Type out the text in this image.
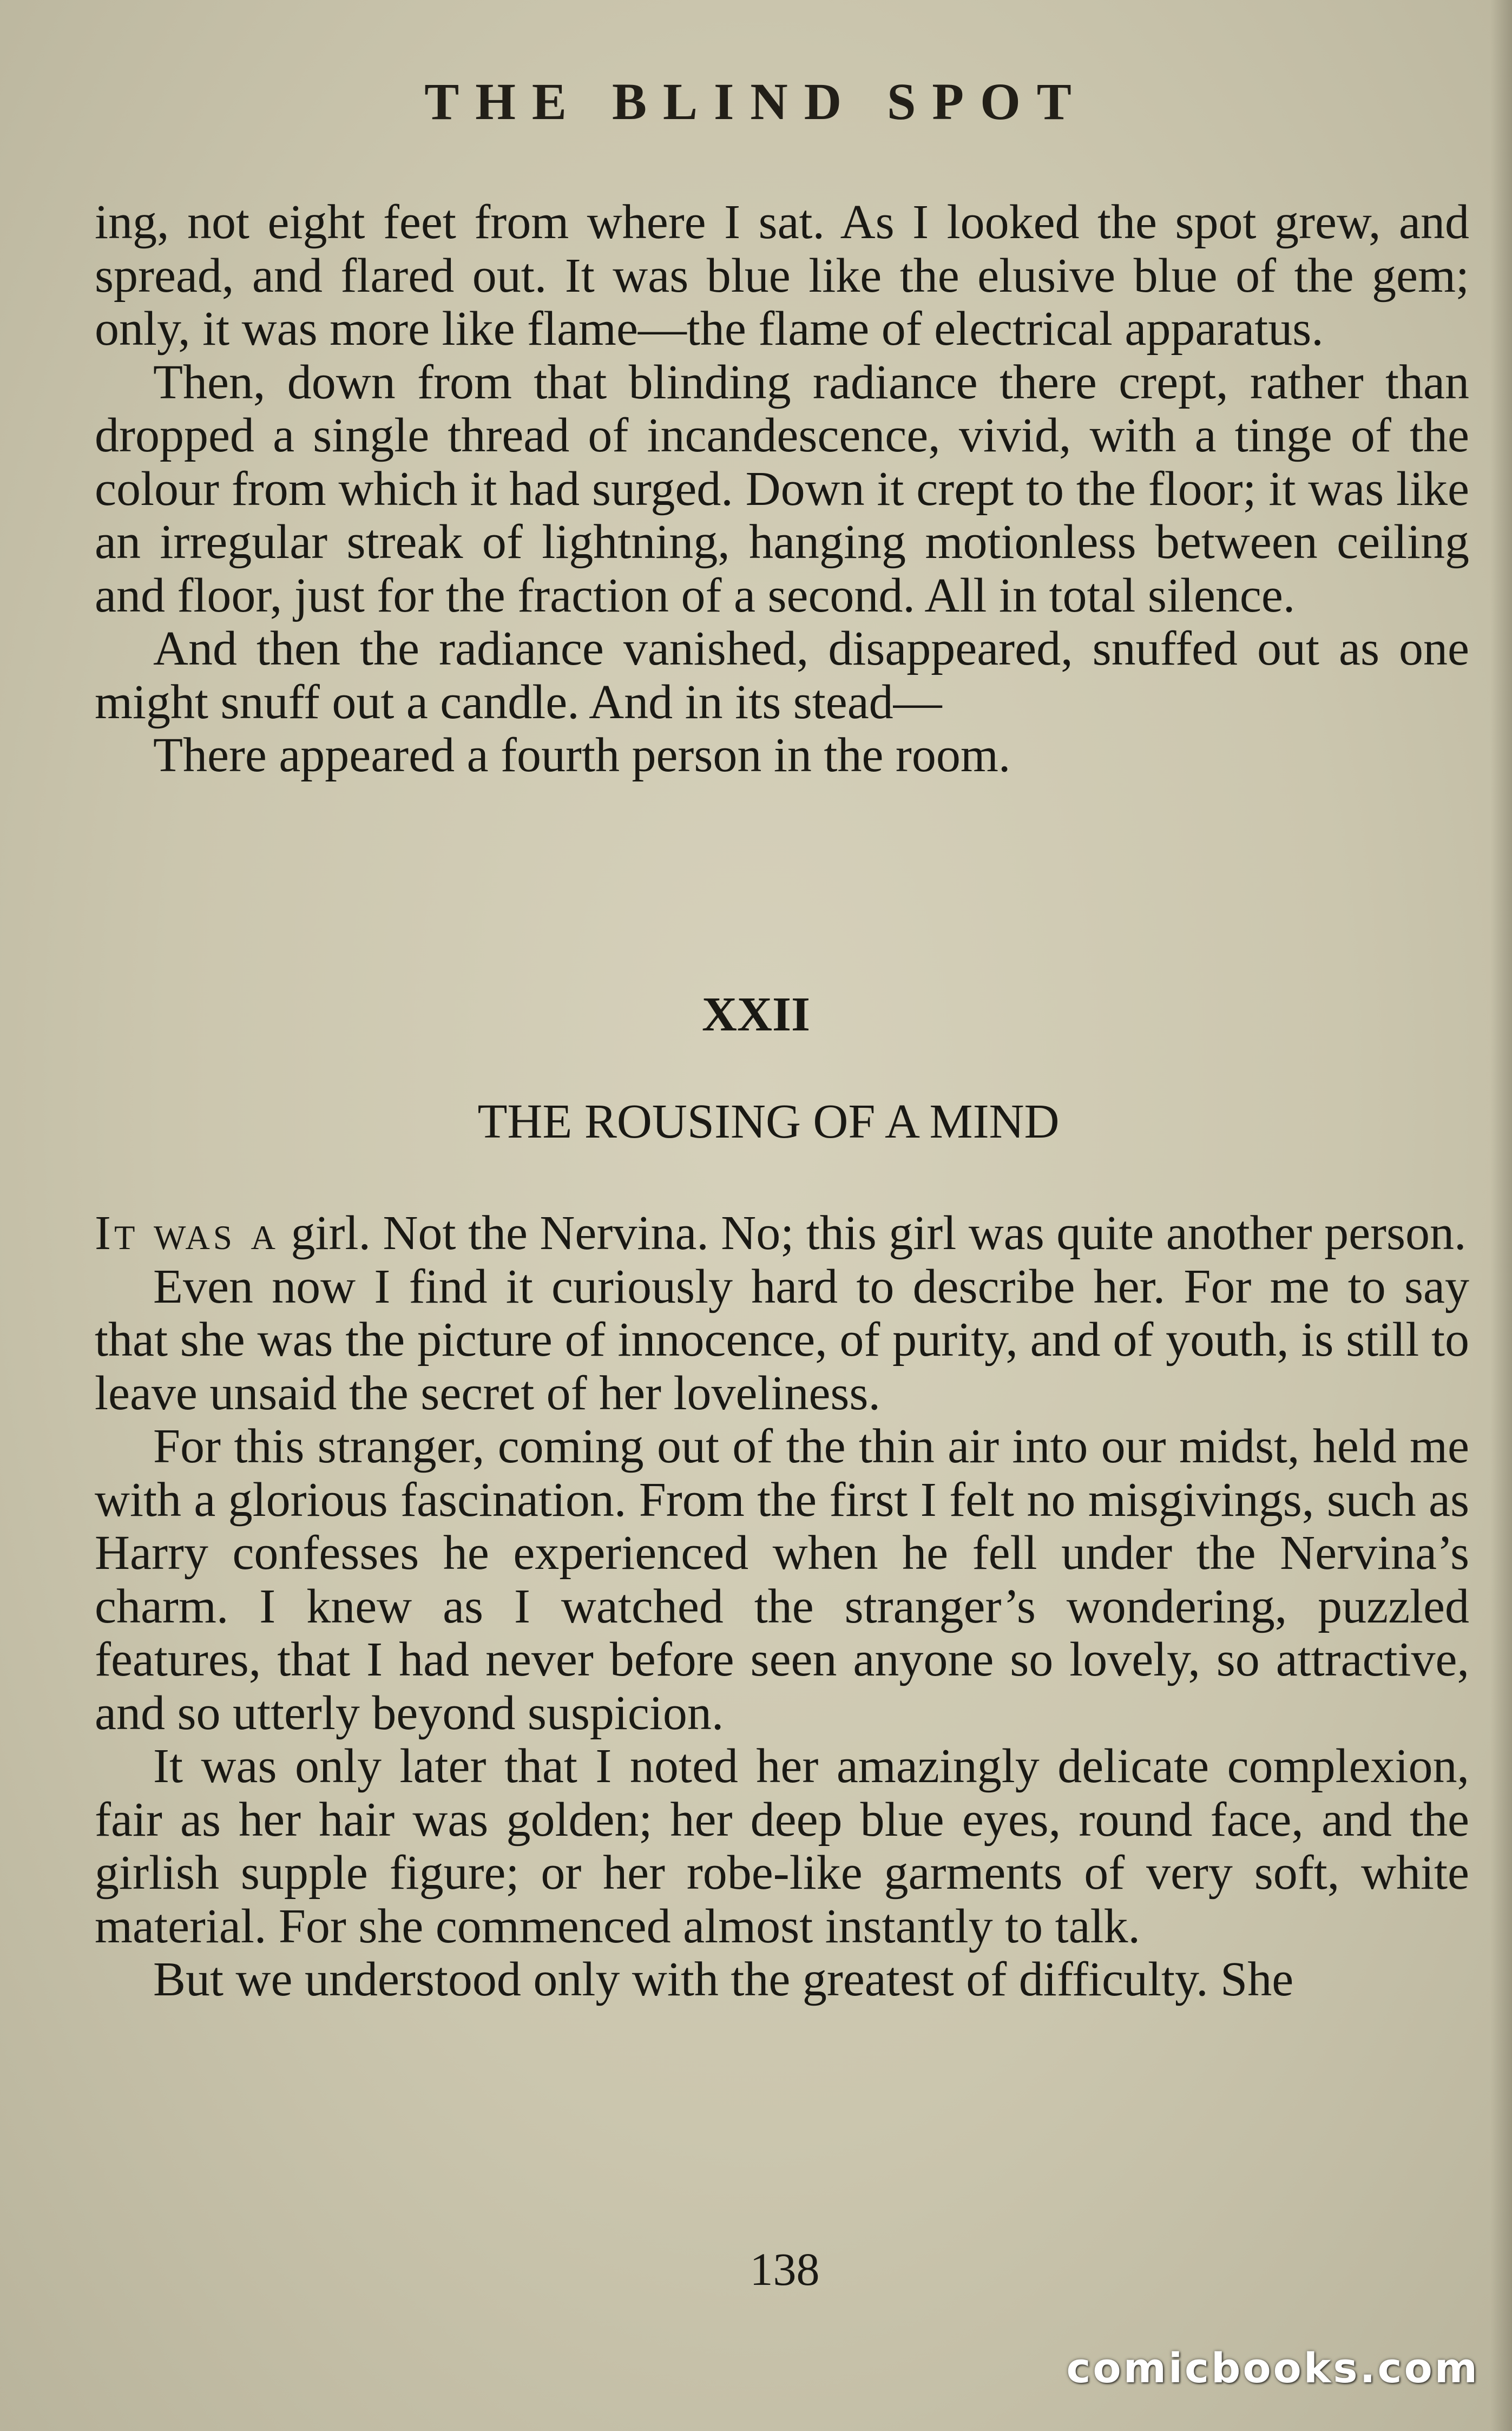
THE BLIND SPOT

ing, not eight feet from where I sat. As I looked the spot grew, and spread, and flared out. It was blue like the elusive blue of the gem; only, it was more like flame—the flame of electrical apparatus.

Then, down from that blinding radiance there crept, rather than dropped a single thread of incandescence, vivid, with a tinge of the colour from which it had surged. Down it crept to the floor; it was like an irregular streak of lightning, hanging motionless between ceiling and floor, just for the fraction of a second. All in total silence.

And then the radiance vanished, disappeared, snuffed out as one might snuff out a candle. And in its stead—

There appeared a fourth person in the room.

XXII
THE ROUSING OF A MIND

It was a girl. Not the Nervina. No; this girl was quite another person.

Even now I find it curiously hard to describe her. For me to say that she was the picture of innocence, of purity, and of youth, is still to leave unsaid the secret of her loveliness.

For this stranger, coming out of the thin air into our midst, held me with a glorious fascination. From the first I felt no misgivings, such as Harry confesses he experienced when he fell under the Nervina’s charm. I knew as I watched the stranger’s wondering, puzzled features, that I had never before seen anyone so lovely, so attractive, and so utterly beyond suspicion.

It was only later that I noted her amazingly delicate complexion, fair as her hair was golden; her deep blue eyes, round face, and the girlish supple figure; or her robe-like garments of very soft, white material. For she commenced almost instantly to talk.

But we understood only with the greatest of difficulty. She

138
comicbooks.com
